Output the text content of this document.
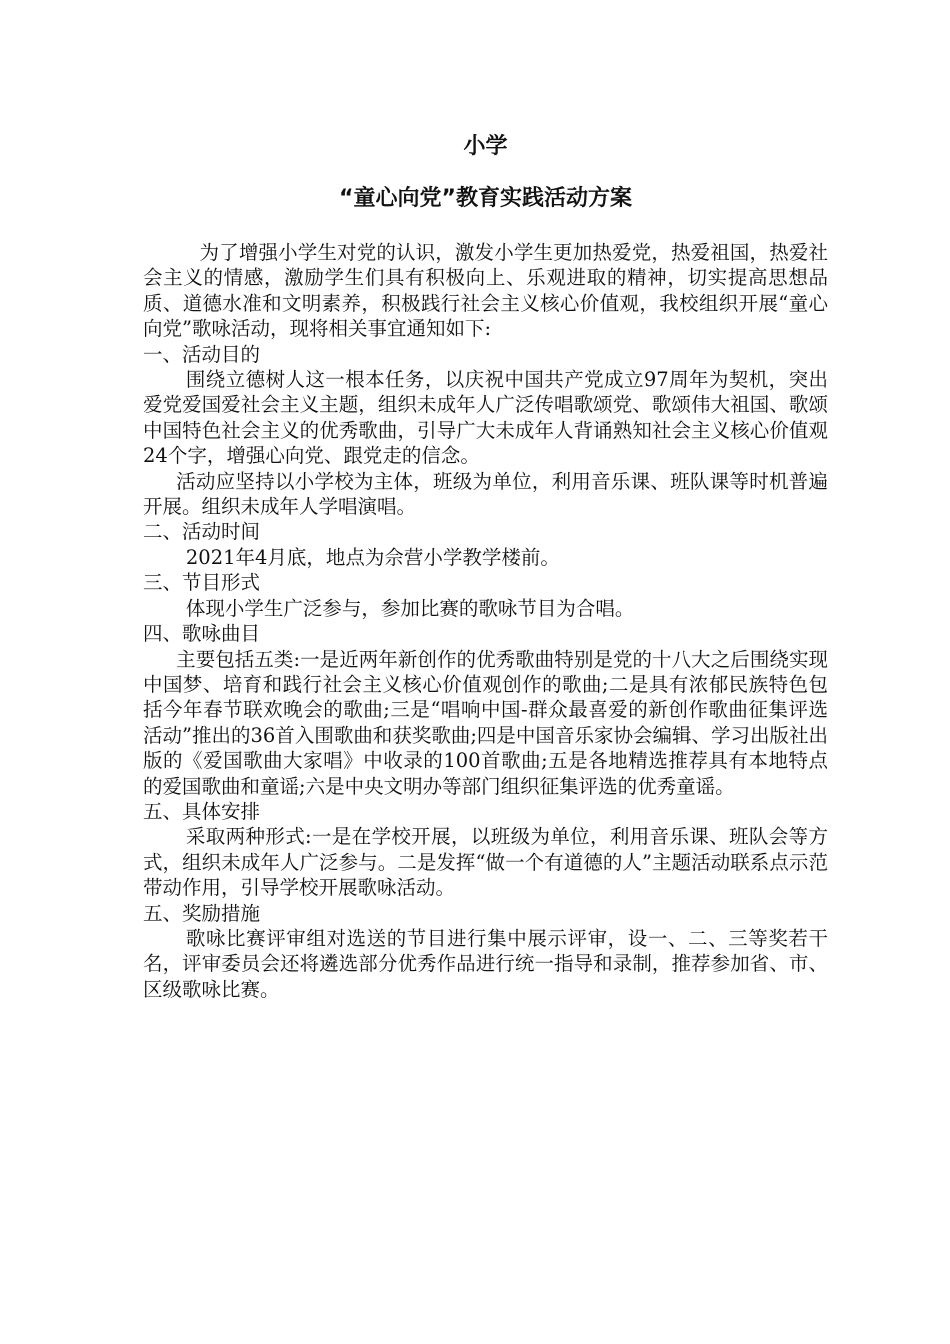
小学
“童心向党”教育实践活动方案

为了增强小学生对党的认识，激发小学生更加热爱党，热爱祖国，热爱社会主义的情感，激励学生们具有积极向上、乐观进取的精神，切实提高思想品质、道德水准和文明素养，积极践行社会主义核心价值观，我校组织开展“童心向党”歌咏活动，现将相关事宜通知如下:

一、活动目的

围绕立德树人这一根本任务，以庆祝中国共产党成立97周年为契机，突出爱党爱国爱社会主义主题，组织未成年人广泛传唱歌颂党、歌颂伟大祖国、歌颂中国特色社会主义的优秀歌曲，引导广大未成年人背诵熟知社会主义核心价值观24个字，增强心向党、跟党走的信念。

活动应坚持以小学校为主体，班级为单位，利用音乐课、班队课等时机普遍开展。组织未成年人学唱演唱。

二、活动时间

2021年4月底，地点为佘营小学教学楼前。

三、节目形式

体现小学生广泛参与，参加比赛的歌咏节目为合唱。

四、歌咏曲目

主要包括五类:一是近两年新创作的优秀歌曲特别是党的十八大之后围绕实现中国梦、培育和践行社会主义核心价值观创作的歌曲;二是具有浓郁民族特色包括今年春节联欢晚会的歌曲;三是“唱响中国-群众最喜爱的新创作歌曲征集评选活动”推出的36首入围歌曲和获奖歌曲;四是中国音乐家协会编辑、学习出版社出版的《爱国歌曲大家唱》中收录的100首歌曲;五是各地精选推荐具有本地特点的爱国歌曲和童谣;六是中央文明办等部门组织征集评选的优秀童谣。

五、具体安排

采取两种形式:一是在学校开展，以班级为单位，利用音乐课、班队会等方式，组织未成年人广泛参与。二是发挥“做一个有道德的人”主题活动联系点示范带动作用，引导学校开展歌咏活动。

五、奖励措施

歌咏比赛评审组对选送的节目进行集中展示评审，设一、二、三等奖若干名，评审委员会还将遴选部分优秀作品进行统一指导和录制，推荐参加省、市、区级歌咏比赛。
